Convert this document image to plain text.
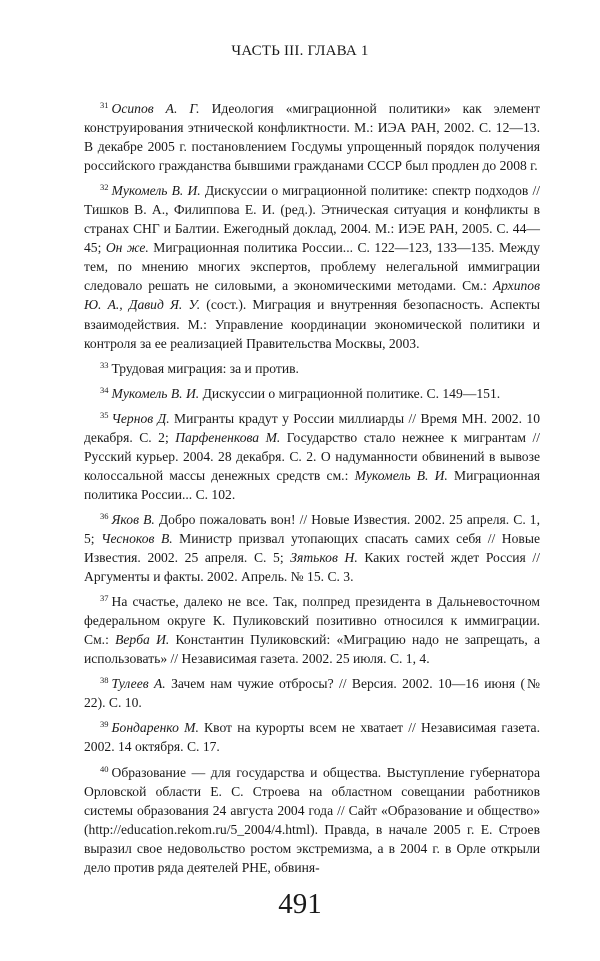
ЧАСТЬ III. ГЛАВА 1

$^{31}$ Осипов А. Г. Идеология «миграционной политики» как элемент конструирования этнической конфликтности. М.: ИЭА РАН, 2002. С. 12—13. В декабре 2005 г. постановлением Госдумы упрощенный порядок получения российского гражданства бывшими гражданами СССР был продлен до 2008 г.

$^{32}$ Мукомель В. И. Дискуссии о миграционной политике: спектр подходов // Тишков В. А., Филиппова Е. И. (ред.). Этническая ситуация и конфликты в странах СНГ и Балтии. Ежегодный доклад, 2004. М.: ИЭЕ РАН, 2005. С. 44—45; Он же. Миграционная политика России... С. 122—123, 133—135. Между тем, по мнению многих экспертов, проблему нелегальной иммиграции следовало решать не силовыми, а экономическими методами. См.: Архипов Ю. А., Давид Я. У. (сост.). Миграция и внутренняя безопасность. Аспекты взаимодействия. М.: Управление координации экономической политики и контроля за ее реализацией Правительства Москвы, 2003.

$^{33}$ Трудовая миграция: за и против.

$^{34}$ Мукомель В. И. Дискуссии о миграционной политике. С. 149—151.

$^{35}$ Чернов Д. Мигранты крадут у России миллиарды // Время МН. 2002. 10 декабря. С. 2; Парфененкова М. Государство стало нежнее к мигрантам // Русский курьер. 2004. 28 декабря. С. 2. О надуманности обвинений в вывозе колоссальной массы денежных средств см.: Мукомель В. И. Миграционная политика России... С. 102.

$^{36}$ Яков В. Добро пожаловать вон! // Новые Известия. 2002. 25 апреля. С. 1, 5; Чесноков В. Министр призвал утопающих спасать самих себя // Новые Известия. 2002. 25 апреля. С. 5; Зятьков Н. Каких гостей ждет Россия // Аргументы и факты. 2002. Апрель. № 15. С. 3.

$^{37}$ На счастье, далеко не все. Так, полпред президента в Дальневосточном федеральном округе К. Пуликовский позитивно относился к иммиграции. См.: Верба И. Константин Пуликовский: «Миграцию надо не запрещать, а использовать» // Независимая газета. 2002. 25 июля. С. 1, 4.

$^{38}$ Тулеев А. Зачем нам чужие отбросы? // Версия. 2002. 10—16 июня (№ 22). С. 10.

$^{39}$ Бондаренко М. Квот на курорты всем не хватает // Независимая газета. 2002. 14 октября. С. 17.

$^{40}$ Образование — для государства и общества. Выступление губернатора Орловской области Е. С. Строева на областном совещании работников системы образования 24 августа 2004 года // Сайт «Образование и общество» (http://education.rekom.ru/5_2004/4.html). Правда, в начале 2005 г. Е. Строев выразил свое недовольство ростом экстремизма, а в 2004 г. в Орле открыли дело против ряда деятелей РНЕ, обвиня-

491
